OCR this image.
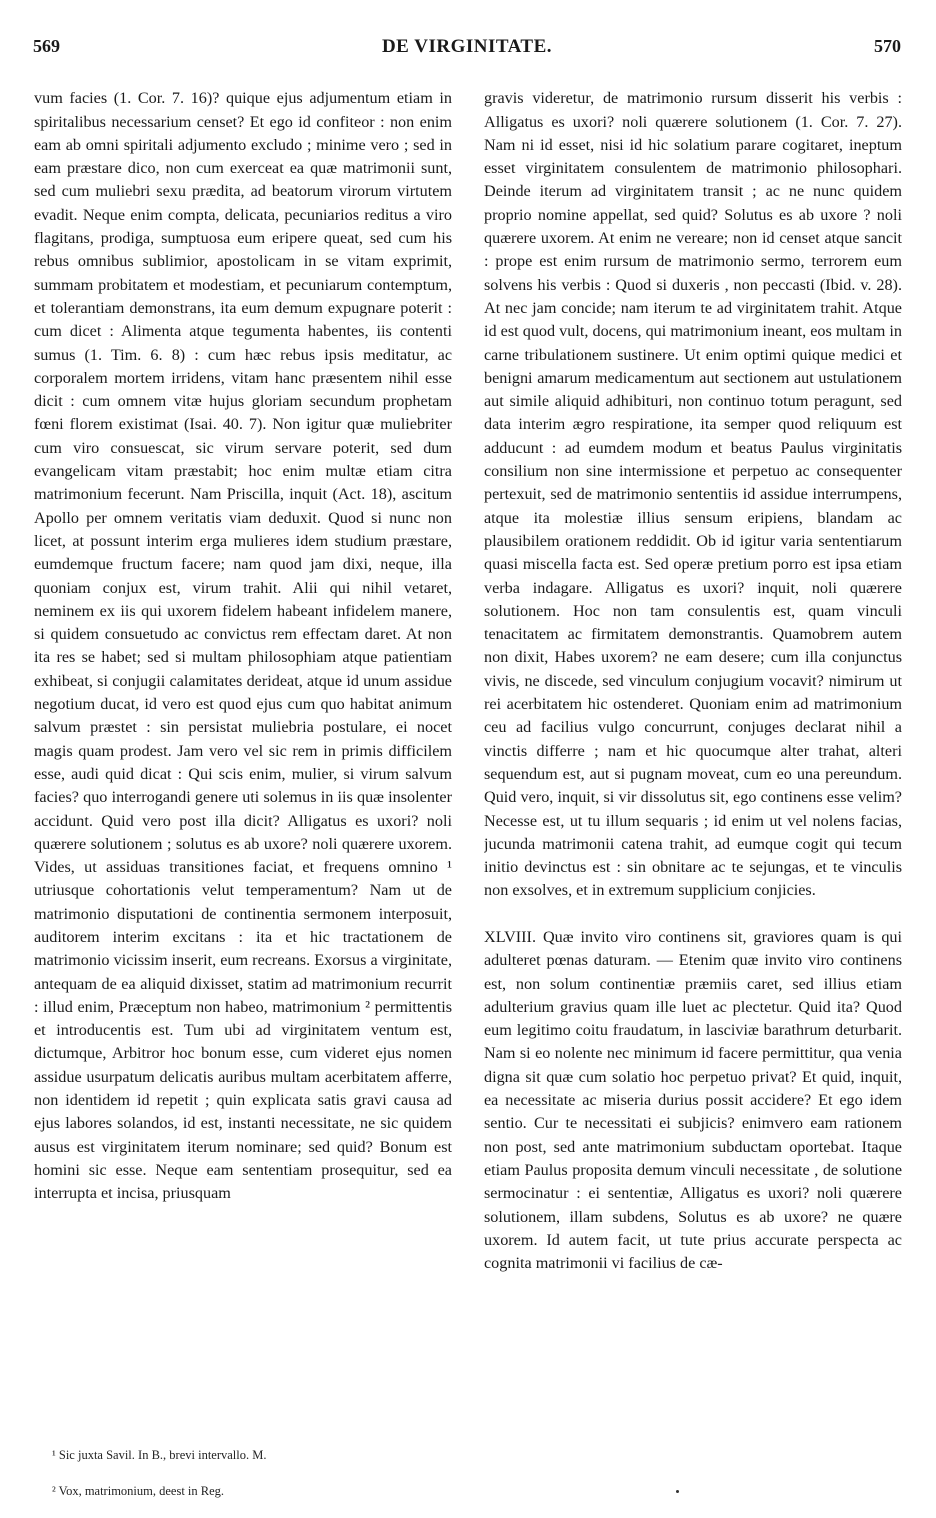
569	DE VIRGINITATE.	570

vum facies (1. Cor. 7. 16)? quique ejus adjumentum etiam in spiritalibus necessarium censet? Et ego id confiteor : non enim eam ab omni spiritali adjumento excludo ; minime vero ; sed in eam præstare dico, non cum exerceat ea quæ matrimonii sunt, sed cum muliebri sexu prædita, ad beatorum virorum virtutem evadit. Neque enim compta, delicata, pecuniarios reditus a viro flagitans, prodiga, sumptuosa eum eripere queat, sed cum his rebus omnibus sublimior, apostolicam in se vitam exprimit, summam probitatem et modestiam, et pecuniarum contemptum, et tolerantiam demonstrans, ita eum demum expugnare poterit : cum dicet : Alimenta atque tegumenta habentes, iis contenti sumus (1. Tim. 6. 8) : cum hæc rebus ipsis meditatur, ac corporalem mortem irridens, vitam hanc præsentem nihil esse dicit : cum omnem vitæ hujus gloriam secundum prophetam fœni florem existimat (Isai. 40. 7). Non igitur quæ muliebriter cum viro consuescat, sic virum servare poterit, sed dum evangelicam vitam præstabit; hoc enim multæ etiam citra matrimonium fecerunt. Nam Priscilla, inquit (Act. 18), ascitum Apollo per omnem veritatis viam deduxit. Quod si nunc non licet, at possunt interim erga mulieres idem studium præstare, eumdemque fructum facere; nam quod jam dixi, neque, illa quoniam conjux est, virum trahit. Alii qui nihil vetaret, neminem ex iis qui uxorem fidelem habeant infidelem manere, si quidem consuetudo ac convictus rem effectam daret. At non ita res se habet; sed si multam philosophiam atque patientiam exhibeat, si conjugii calamitates derideat, atque id unum assidue negotium ducat, id vero est quod ejus cum quo habitat animum salvum præstet : sin persistat muliebria postulare, ei nocet magis quam prodest. Jam vero vel sic rem in primis difficilem esse, audi quid dicat : Qui scis enim, mulier, si virum salvum facies? quo interrogandi genere uti solemus in iis quæ insolenter accidunt. Quid vero post illa dicit? Alligatus es uxori? noli quærere solutionem ; solutus es ab uxore? noli quærere uxorem. Vides, ut assiduas transitiones faciat, et frequens omnino ¹ utriusque cohortationis velut temperamentum? Nam ut de matrimonio disputationi de continentia sermonem interposuit, auditorem interim excitans : ita et hic tractationem de matrimonio vicissim inserit, eum recreans. Exorsus a virginitate, antequam de ea aliquid dixisset, statim ad matrimonium recurrit : illud enim, Præceptum non habeo, matrimonium ² permittentis et introducentis est. Tum ubi ad virginitatem ventum est, dictumque, Arbitror hoc bonum esse, cum videret ejus nomen assidue usurpatum delicatis auribus multam acerbitatem afferre, non identidem id repetit ; quin explicata satis gravi causa ad ejus labores solandos, id est, instanti necessitate, ne sic quidem ausus est virginitatem iterum nominare; sed quid? Bonum est homini sic esse. Neque eam sententiam prosequitur, sed ea interrupta et incisa, priusquam

gravis videretur, de matrimonio rursum disserit his verbis : Alligatus es uxori? noli quærere solutionem (1. Cor. 7. 27). Nam ni id esset, nisi id hic solatium parare cogitaret, ineptum esset virginitatem consulentem de matrimonio philosophari. Deinde iterum ad virginitatem transit ; ac ne nunc quidem proprio nomine appellat, sed quid? Solutus es ab uxore ? noli quærere uxorem. At enim ne vereare; non id censet atque sancit : prope est enim rursum de matrimonio sermo, terrorem eum solvens his verbis : Quod si duxeris , non peccasti (Ibid. v. 28). At nec jam concide; nam iterum te ad virginitatem trahit. Atque id est quod vult, docens, qui matrimonium ineant, eos multam in carne tribulationem sustinere. Ut enim optimi quique medici et benigni amarum medicamentum aut sectionem aut ustulationem aut simile aliquid adhibituri, non continuo totum peragunt, sed data interim ægro respiratione, ita semper quod reliquum est adducunt : ad eumdem modum et beatus Paulus virginitatis consilium non sine intermissione et perpetuo ac consequenter pertexuit, sed de matrimonio sententiis id assidue interrumpens, atque ita molestiæ illius sensum eripiens, blandam ac plausibilem orationem reddidit. Ob id igitur varia sententiarum quasi miscella facta est. Sed operæ pretium porro est ipsa etiam verba indagare. Alligatus es uxori? inquit, noli quærere solutionem. Hoc non tam consulentis est, quam vinculi tenacitatem ac firmitatem demonstrantis. Quamobrem autem non dixit, Habes uxorem? ne eam desere; cum illa conjunctus vivis, ne discede, sed vinculum conjugium vocavit? nimirum ut rei acerbitatem hic ostenderet. Quoniam enim ad matrimonium ceu ad facilius vulgo concurrunt, conjuges declarat nihil a vinctis differre ; nam et hic quocumque alter trahat, alteri sequendum est, aut si pugnam moveat, cum eo una pereundum. Quid vero, inquit, si vir dissolutus sit, ego continens esse velim? Necesse est, ut tu illum sequaris ; id enim ut vel nolens facias, jucunda matrimonii catena trahit, ad eumque cogit qui tecum initio devinctus est : sin obnitare ac te sejungas, et te vinculis non exsolves, et in extremum supplicium conjicies.

XLVIII. Quæ invito viro continens sit, graviores quam is qui adulteret pœnas daturam. — Etenim quæ invito viro continens est, non solum continentiæ præmiis caret, sed illius etiam adulterium gravius quam ille luet ac plectetur. Quid ita? Quod eum legitimo coitu fraudatum, in lasciviæ barathrum deturbarit. Nam si eo nolente nec minimum id facere permittitur, qua venia digna sit quæ cum solatio hoc perpetuo privat? Et quid, inquit, ea necessitate ac miseria durius possit accidere? Et ego idem sentio. Cur te necessitati ei subjicis? enimvero eam rationem non post, sed ante matrimonium subductam oportebat. Itaque etiam Paulus proposita demum vinculi necessitate , de solutione sermocinatur : ei sententiæ, Alligatus es uxori? noli quærere solutionem, illam subdens, Solutus es ab uxore? ne quære uxorem. Id autem facit, ut tute prius accurate perspecta ac cognita matrimonii vi facilius de cæ-

¹ Sic juxta Savil. In B., brevi intervallo. M.

² Vox, matrimonium, deest in Reg.
